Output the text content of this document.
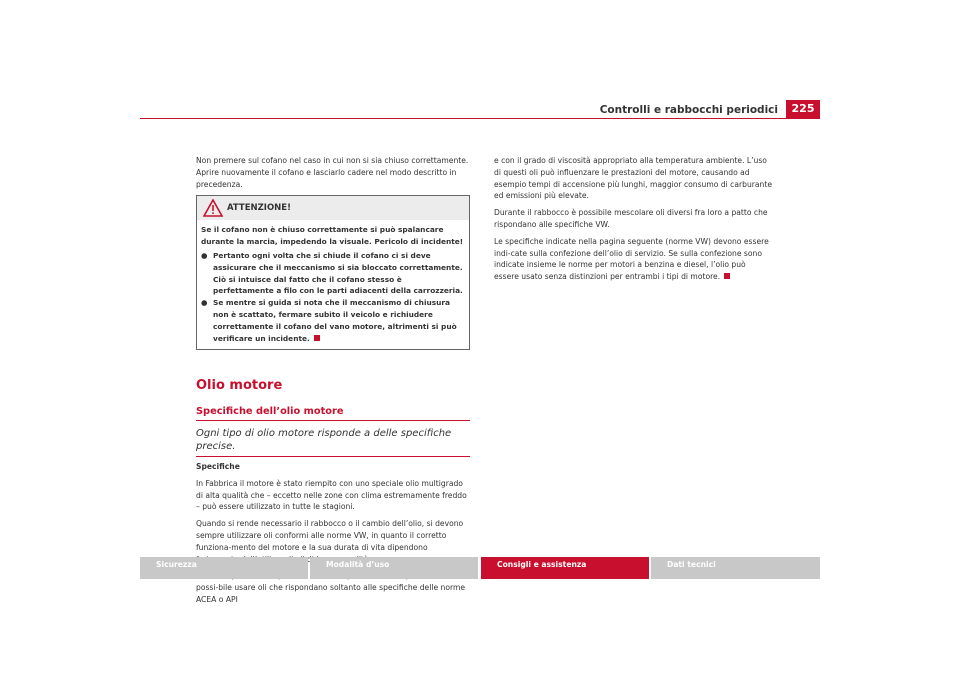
Controlli e rabbocchi periodici	225

Non premere sul cofano nel caso in cui non si sia chiuso correttamente. Aprire nuovamente il cofano e lasciarlo cadere nel modo descritto in precedenza.

ATTENZIONE!

Se il cofano non è chiuso correttamente si può spalancare durante la marcia, impedendo la visuale. Pericolo di incidente!

● Pertanto ogni volta che si chiude il cofano ci si deve assicurare che il meccanismo si sia bloccato correttamente. Ciò si intuisce dal fatto che il cofano stesso è perfettamente a filo con le parti adiacenti della carrozzeria.
● Se mentre si guida si nota che il meccanismo di chiusura non è scattato, fermare subito il veicolo e richiudere correttamente il cofano del vano motore, altrimenti si può verificare un incidente.
Olio motore
Specifiche dell’olio motore
Ogni tipo di olio motore risponde a delle specifiche precise.

Specifiche

In Fabbrica il motore è stato riempito con uno speciale olio multigrado di alta qualità che – eccetto nelle zone con clima estremamente freddo – può essere utilizzato in tutte le stagioni.

Quando si rende necessario il rabbocco o il cambio dell’olio, si devono sempre utilizzare oli conformi alle norme VW, in quanto il corretto funziona-mento del motore e la sua durata di vita dipendono

possi-bile usare oli che rispondano soltanto alle specifiche delle norme ACEA o API

e con il grado di viscosità appropriato alla temperatura ambiente. L’uso di questi oli può influenzare le prestazioni del motore, causando ad esempio tempi di accensione più lunghi, maggior consumo di carburante ed emissioni più elevate.

Durante il rabbocco è possibile mescolare oli diversi fra loro a patto che rispondano alle specifiche VW.

Le specifiche indicate nella pagina seguente (norme VW) devono essere indi-cate sulla confezione dell’olio di servizio. Se sulla confezione sono indicate insieme le norme per motori a benzina e diesel, l’olio può essere usato senza distinzioni per entrambi i tipi di motore.

Sicurezza	Modalità d’uso	Consigli e assistenza	Dati tecnici
